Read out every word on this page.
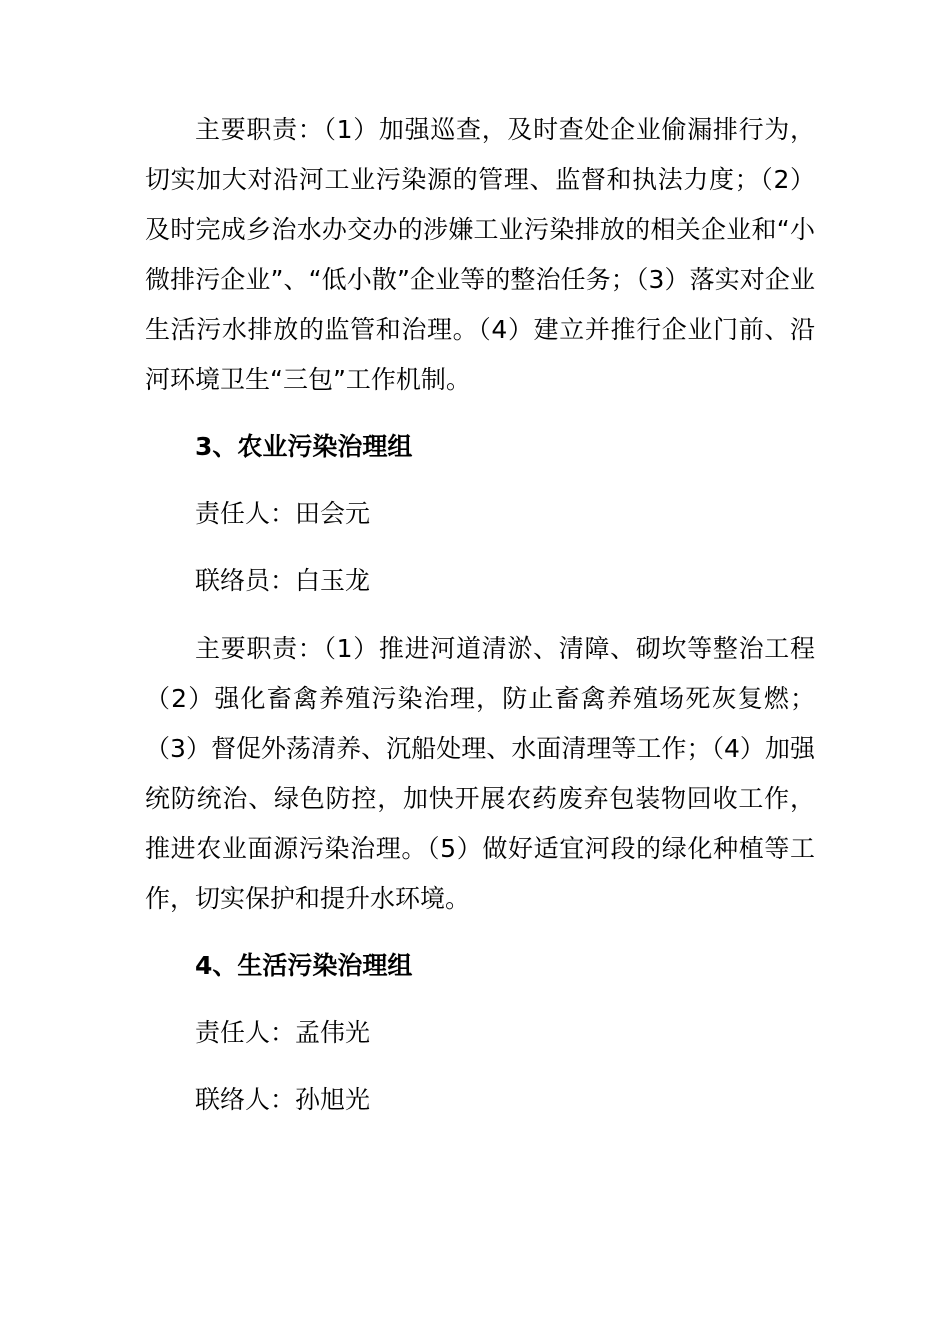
主要职责：（1）加强巡查，及时查处企业偷漏排行为，切实加大对沿河工业污染源的管理、监督和执法力度；（2）及时完成乡治水办交办的涉嫌工业污染排放的相关企业和“小微排污企业”、“低小散”企业等的整治任务；（3）落实对企业生活污水排放的监管和治理。（4）建立并推行企业门前、沿河环境卫生“三包”工作机制。

3、农业污染治理组

责任人：田会元

联络员：白玉龙

主要职责：（1）推进河道清淤、清障、砌坎等整治工程（2）强化畜禽养殖污染治理，防止畜禽养殖场死灰复燃；（3）督促外荡清养、沉船处理、水面清理等工作；（4）加强统防统治、绿色防控，加快开展农药废弃包装物回收工作，推进农业面源污染治理。（5）做好适宜河段的绿化种植等工作，切实保护和提升水环境。

4、生活污染治理组

责任人：孟伟光

联络人：孙旭光
